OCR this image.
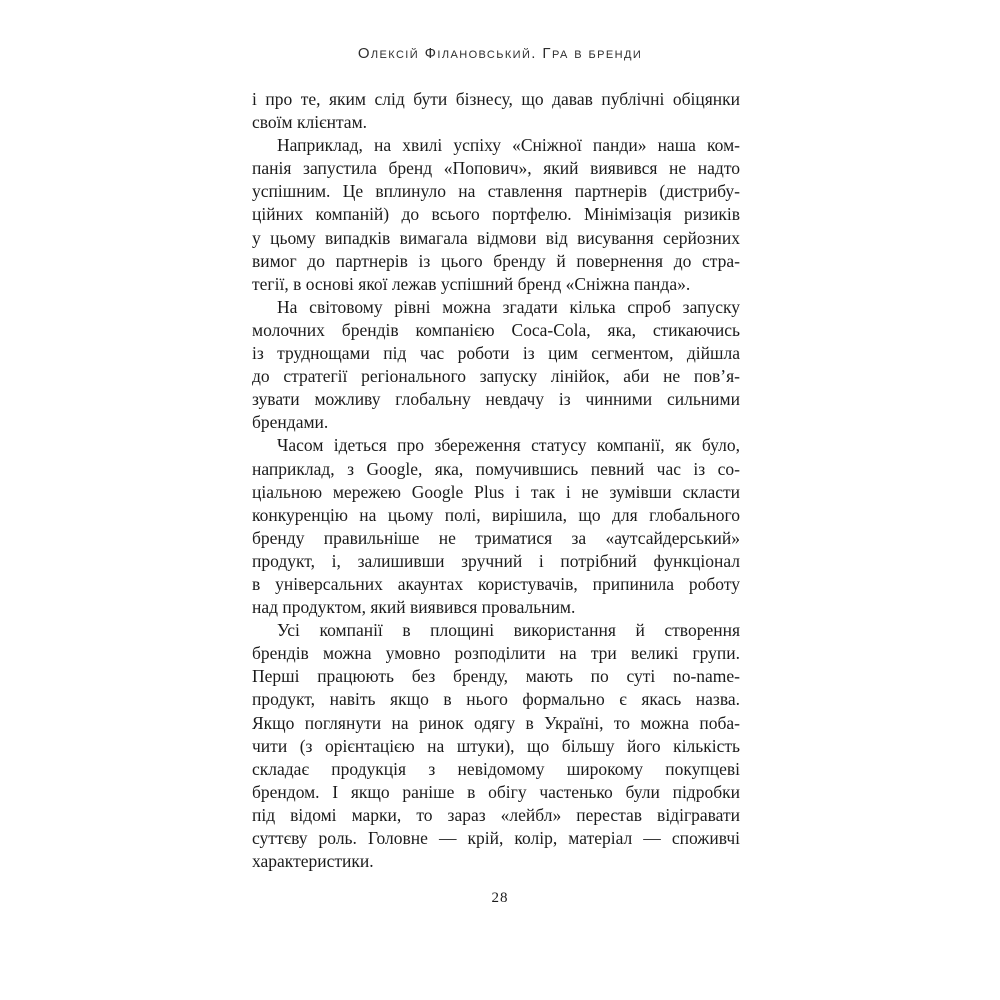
Олексій Філановський. Гра в бренди
і про те, яким слід бути бізнесу, що давав публічні обіцянки
своїм клієнтам.
Наприклад, на хвилі успіху «Сніжної панди» наша ком-
панія запустила бренд «Попович», який виявився не надто
успішним. Це вплинуло на ставлення партнерів (дистрибу-
ційних компаній) до всього портфелю. Мінімізація ризиків
у цьому випадків вимагала відмови від висування серйозних
вимог до партнерів із цього бренду й повернення до стра-
тегії, в основі якої лежав успішний бренд «Сніжна панда».
На світовому рівні можна згадати кілька спроб запуску
молочних брендів компанією Coca-Cola, яка, стикаючись
із труднощами під час роботи із цим сегментом, дійшла
до стратегії регіонального запуску лінійок, аби не пов’я-
зувати можливу глобальну невдачу із чинними сильними
брендами.
Часом ідеться про збереження статусу компанії, як було,
наприклад, з Google, яка, помучившись певний час із со-
ціальною мережею Google Plus і так і не зумівши скласти
конкуренцію на цьому полі, вирішила, що для глобального
бренду правильніше не триматися за «аутсайдерський»
продукт, і, залишивши зручний і потрібний функціонал
в універсальних акаунтах користувачів, припинила роботу
над продуктом, який виявився провальним.
Усі компанії в площині використання й створення
брендів можна умовно розподілити на три великі групи.
Перші працюють без бренду, мають по суті no-name-
продукт, навіть якщо в нього формально є якась назва.
Якщо поглянути на ринок одягу в Україні, то можна поба-
чити (з орієнтацією на штуки), що більшу його кількість
складає продукція з невідомому широкому покупцеві
брендом. І якщо раніше в обігу частенько були підробки
під відомі марки, то зараз «лейбл» перестав відігравати
суттєву роль. Головне — крій, колір, матеріал — споживчі
характеристики.
28
